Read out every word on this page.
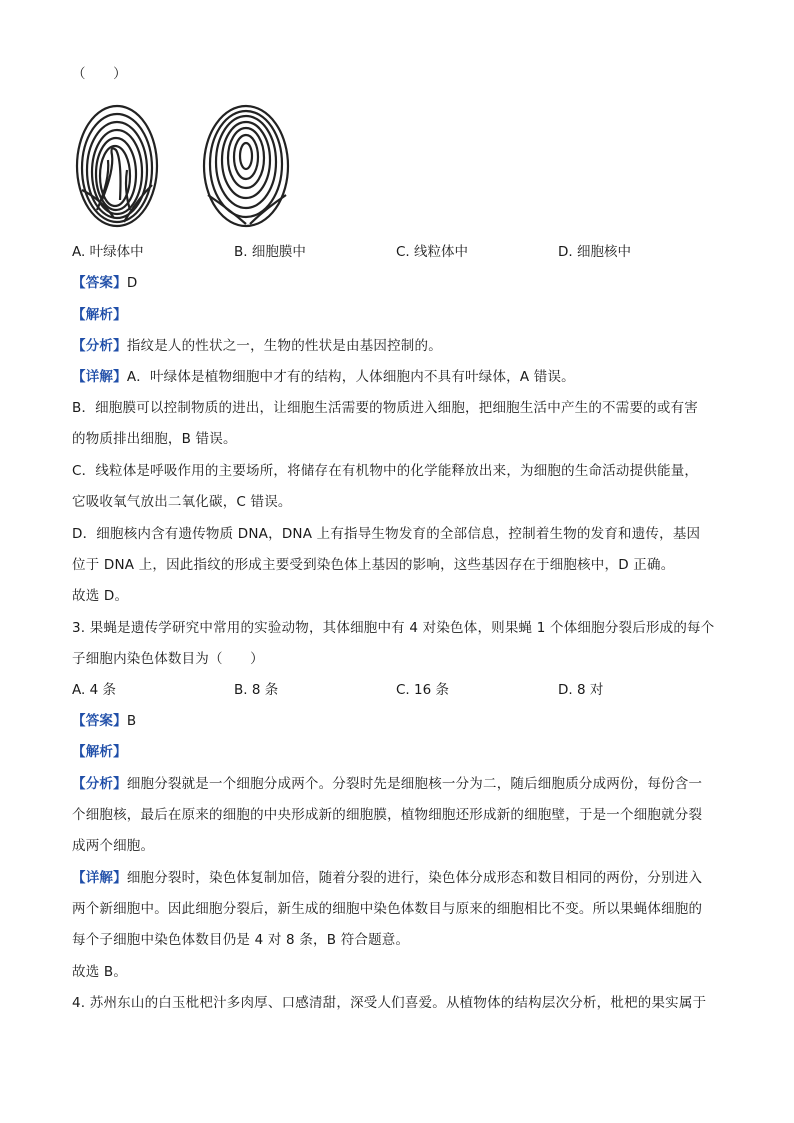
（　　）
A. 叶绿体中	B. 细胞膜中	C. 线粒体中	D. 细胞核中
【答案】D
【解析】
【分析】指纹是人的性状之一，生物的性状是由基因控制的。
【详解】A．叶绿体是植物细胞中才有的结构，人体细胞内不具有叶绿体，A 错误。
B．细胞膜可以控制物质的进出，让细胞生活需要的物质进入细胞，把细胞生活中产生的不需要的或有害
的物质排出细胞，B 错误。
C．线粒体是呼吸作用的主要场所，将储存在有机物中的化学能释放出来，为细胞的生命活动提供能量，
它吸收氧气放出二氧化碳，C 错误。
D．细胞核内含有遗传物质 DNA，DNA 上有指导生物发育的全部信息，控制着生物的发育和遗传，基因
位于 DNA 上，因此指纹的形成主要受到染色体上基因的影响，这些基因存在于细胞核中，D 正确。
故选 D。
3. 果蝇是遗传学研究中常用的实验动物，其体细胞中有 4 对染色体，则果蝇 1 个体细胞分裂后形成的每个
子细胞内染色体数目为（　　）
A. 4 条	B. 8 条	C. 16 条	D. 8 对
【答案】B
【解析】
【分析】细胞分裂就是一个细胞分成两个。分裂时先是细胞核一分为二，随后细胞质分成两份，每份含一
个细胞核，最后在原来的细胞的中央形成新的细胞膜，植物细胞还形成新的细胞壁，于是一个细胞就分裂
成两个细胞。
【详解】细胞分裂时，染色体复制加倍，随着分裂的进行，染色体分成形态和数目相同的两份，分别进入
两个新细胞中。因此细胞分裂后，新生成的细胞中染色体数目与原来的细胞相比不变。所以果蝇体细胞的
每个子细胞中染色体数目仍是 4 对 8 条，B 符合题意。
故选 B。
4. 苏州东山的白玉枇杷汁多肉厚、口感清甜，深受人们喜爱。从植物体的结构层次分析，枇杷的果实属于
